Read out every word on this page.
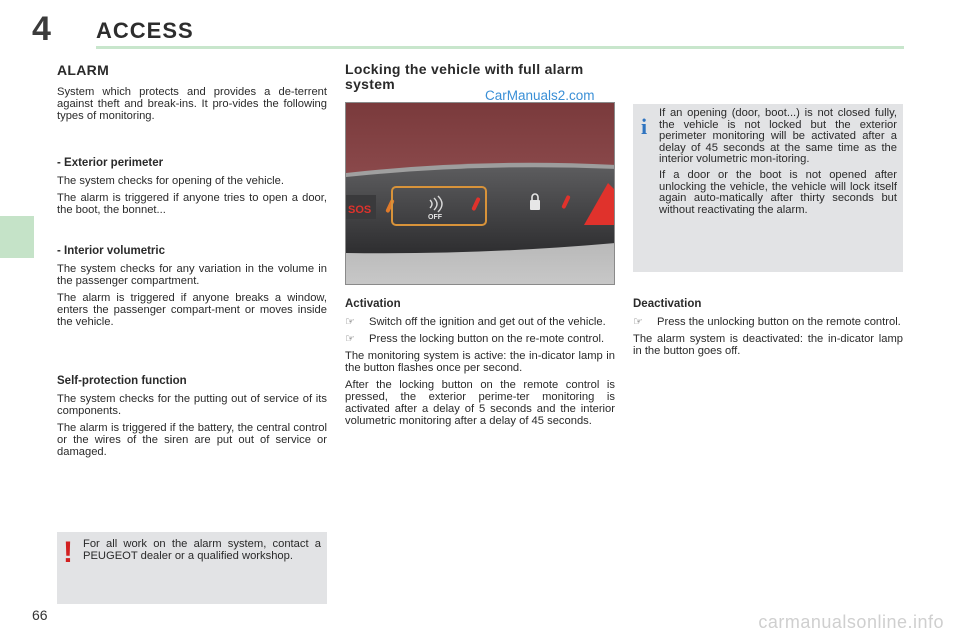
4 ACCESS
ALARM

System which protects and provides a de-terrent against theft and break-ins. It pro-vides the following types of monitoring.

- Exterior perimeter

The system checks for opening of the vehicle.

The alarm is triggered if anyone tries to open a door, the boot, the bonnet...

- Interior volumetric

The system checks for any variation in the volume in the passenger compartment.

The alarm is triggered if anyone breaks a window, enters the passenger compart-ment or moves inside the vehicle.

Self-protection function

The system checks for the putting out of service of its components.

The alarm is triggered if the battery, the central control or the wires of the siren are put out of service or damaged.

! For all work on the alarm system, contact a PEUGEOT dealer or a qualified workshop.

Locking the vehicle with full alarm system
CarManuals2.com
SOS
OFF
Activation
☞ Switch off the ignition and get out of the vehicle.
☞ Press the locking button on the re-mote control.

The monitoring system is active: the in-dicator lamp in the button flashes once per second.

After the locking button on the remote control is pressed, the exterior perime-ter monitoring is activated after a delay of 5 seconds and the interior volumetric monitoring after a delay of 45 seconds.

i

If an opening (door, boot...) is not closed fully, the vehicle is not locked but the exterior perimeter monitoring will be activated after a delay of 45 seconds at the same time as the interior volumetric mon-itoring.

If a door or the boot is not opened after unlocking the vehicle, the vehicle will lock itself again auto-matically after thirty seconds but without reactivating the alarm.

Deactivation
☞ Press the unlocking button on the remote control.

The alarm system is deactivated: the in-dicator lamp in the button goes off.

66	carmanualsonline.info
